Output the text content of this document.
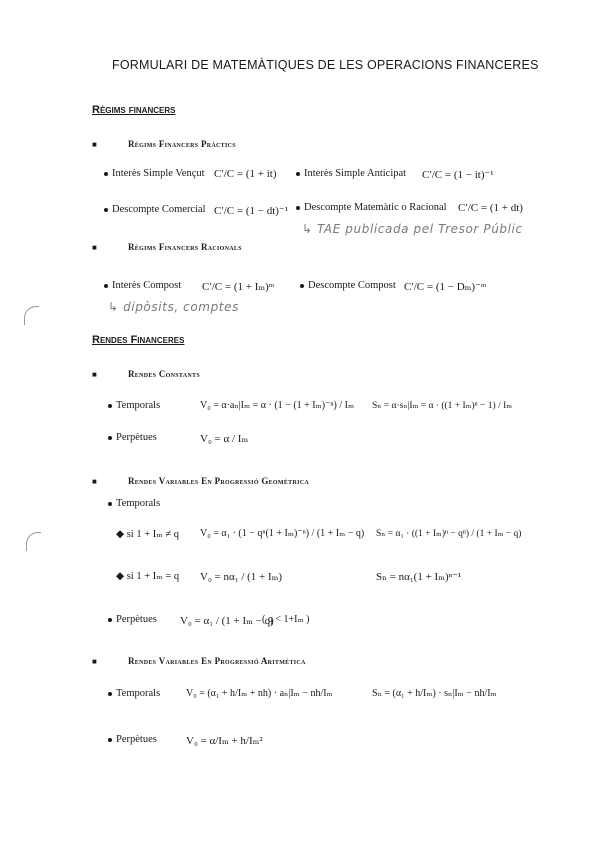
FORMULARI DE MATEMÀTIQUES DE LES OPERACIONS FINANCERES
Règims financers
■	Règims Financers Pràctics
Interès Simple Vençut C′/C = (1 + it)	Interès Simple Anticipat C′/C = (1 − it)⁻¹
Descompte Comercial C′/C = (1 − dt)⁻¹	Descompte Matemàtic o Racional C′/C = (1 + dt)
↳ TAE publicada pel Tresor Públic
■	Règims Financers Racionals
Interès Compost C′/C = (1 + Iₘ)ᵐ	Descompte Compost C′/C = (1 − Dₘ)⁻ᵐ
↳ dipòsits, comptes
Rendes Financeres
■	Rendes Constants
Temporals	V₀ = α·aₙ|Iₘ = α · (1 − (1 + Iₘ)⁻ⁿ) / Iₘ Sₙ = α·sₙ|Iₘ = α · ((1 + Iₘ)ⁿ − 1) / Iₘ
Perpètues	V₀ = α / Iₘ
■	Rendes Variables En Progressió Geomètrica
Temporals
◆ si 1 + Iₘ ≠ q V₀ = α₁ · (1 − qⁿ(1 + Iₘ)⁻ⁿ) / (1 + Iₘ − q) Sₙ = α₁ · ((1 + Iₘ)ⁿ − qⁿ) / (1 + Iₘ − q)
◆ si 1 + Iₘ = q V₀ = nα₁ / (1 + Iₘ)	Sₙ = nα₁(1 + Iₘ)ⁿ⁻¹
Perpètues V₀ = α₁ / (1 + Iₘ − q)
( q < 1+Iₘ )
■	Rendes Variables En Progressió Aritmètica
Temporals	V₀ = (α₁ + h/Iₘ + nh) · aₙ|Iₘ − nh/Iₘ	Sₙ = (α₁ + h/Iₘ) · sₙ|Iₘ − nh/Iₘ
Perpètues	V₀ = α/Iₘ + h/Iₘ²
